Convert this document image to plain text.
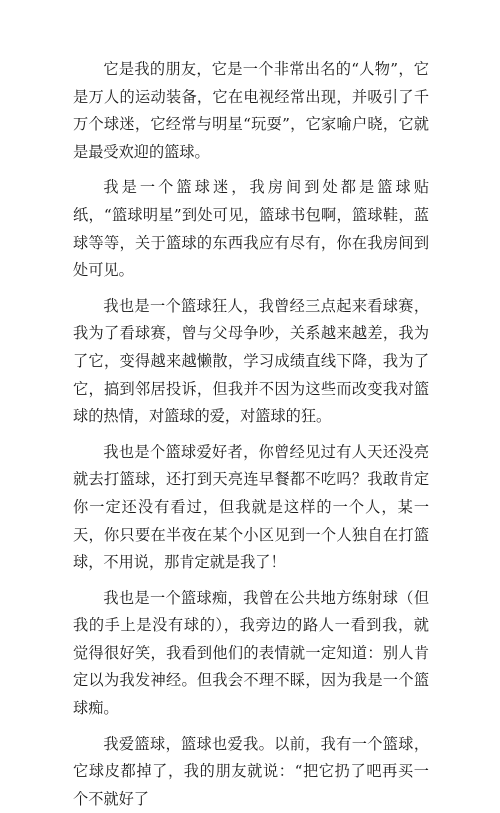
它是我的朋友，它是一个非常出名的“人物”，它是万人的运动装备，它在电视经常出现，并吸引了千万个球迷，它经常与明星“玩耍”，它家喻户晓，它就是最受欢迎的篮球。

我是一个篮球迷，我房间到处都是篮球贴纸，“篮球明星”到处可见，篮球书包啊，篮球鞋，蓝球等等，关于篮球的东西我应有尽有，你在我房间到处可见。

我也是一个篮球狂人，我曾经三点起来看球赛，我为了看球赛，曾与父母争吵，关系越来越差，我为了它，变得越来越懒散，学习成绩直线下降，我为了它，搞到邻居投诉，但我并不因为这些而改变我对篮球的热情，对篮球的爱，对篮球的狂。

我也是个篮球爱好者，你曾经见过有人天还没亮就去打篮球，还打到天亮连早餐都不吃吗？我敢肯定你一定还没有看过，但我就是这样的一个人，某一天，你只要在半夜在某个小区见到一个人独自在打篮球，不用说，那肯定就是我了！

我也是一个篮球痴，我曾在公共地方练射球（但我的手上是没有球的），我旁边的路人一看到我，就觉得很好笑，我看到他们的表情就一定知道：别人肯定以为我发神经。但我会不理不睬，因为我是一个篮球痴。

我爱篮球，篮球也爱我。以前，我有一个篮球，它球皮都掉了，我的朋友就说：“把它扔了吧再买一个不就好了
